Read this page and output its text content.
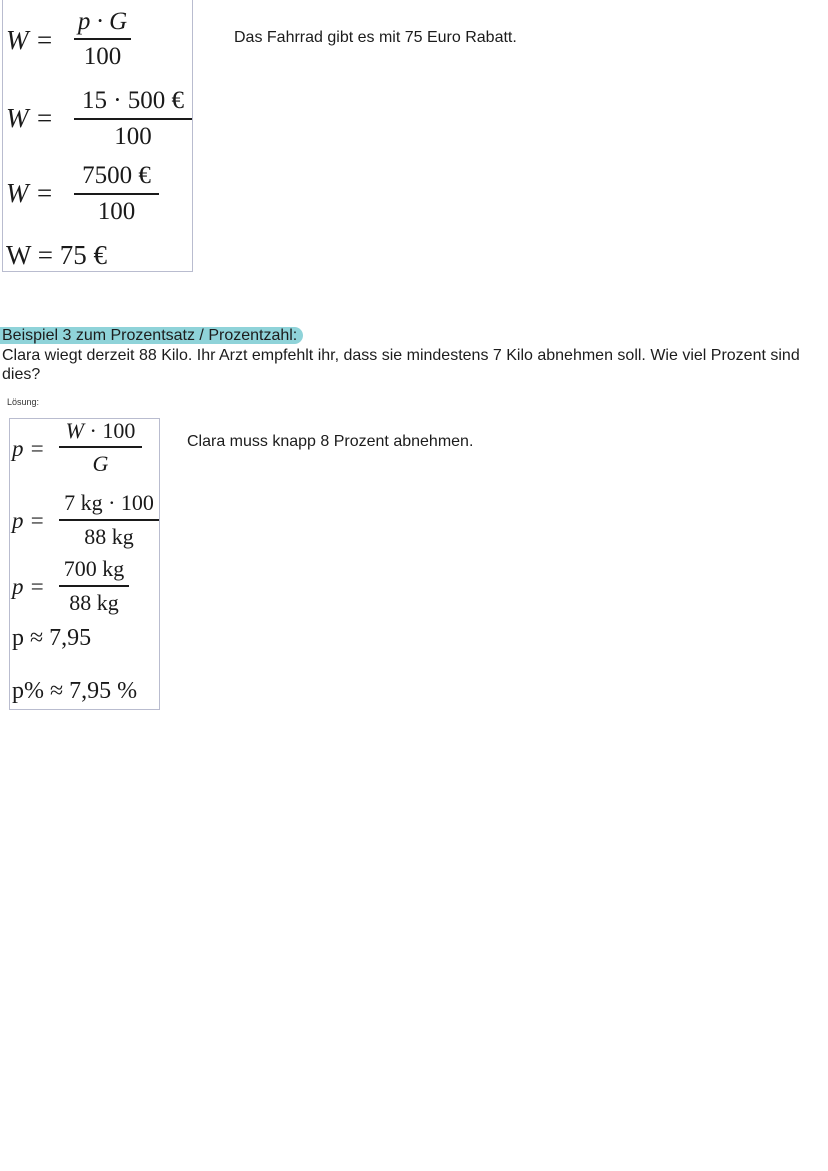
W =
p · G
100
W =
15 · 500 €
100
W =
7500 €
100
W = 75 €
Das Fahrrad gibt es mit 75 Euro Rabatt.
Beispiel 3 zum Prozentsatz / Prozentzahl:
Clara wiegt derzeit 88 Kilo. Ihr Arzt empfehlt ihr, dass sie mindestens 7 Kilo abnehmen soll. Wie viel Prozent sind dies?
Lösung:
p =
W · 100
G
p =
7 kg · 100
88 kg
p =
700 kg
88 kg
p ≈ 7,95
p% ≈ 7,95 %
Clara muss knapp 8 Prozent abnehmen.
